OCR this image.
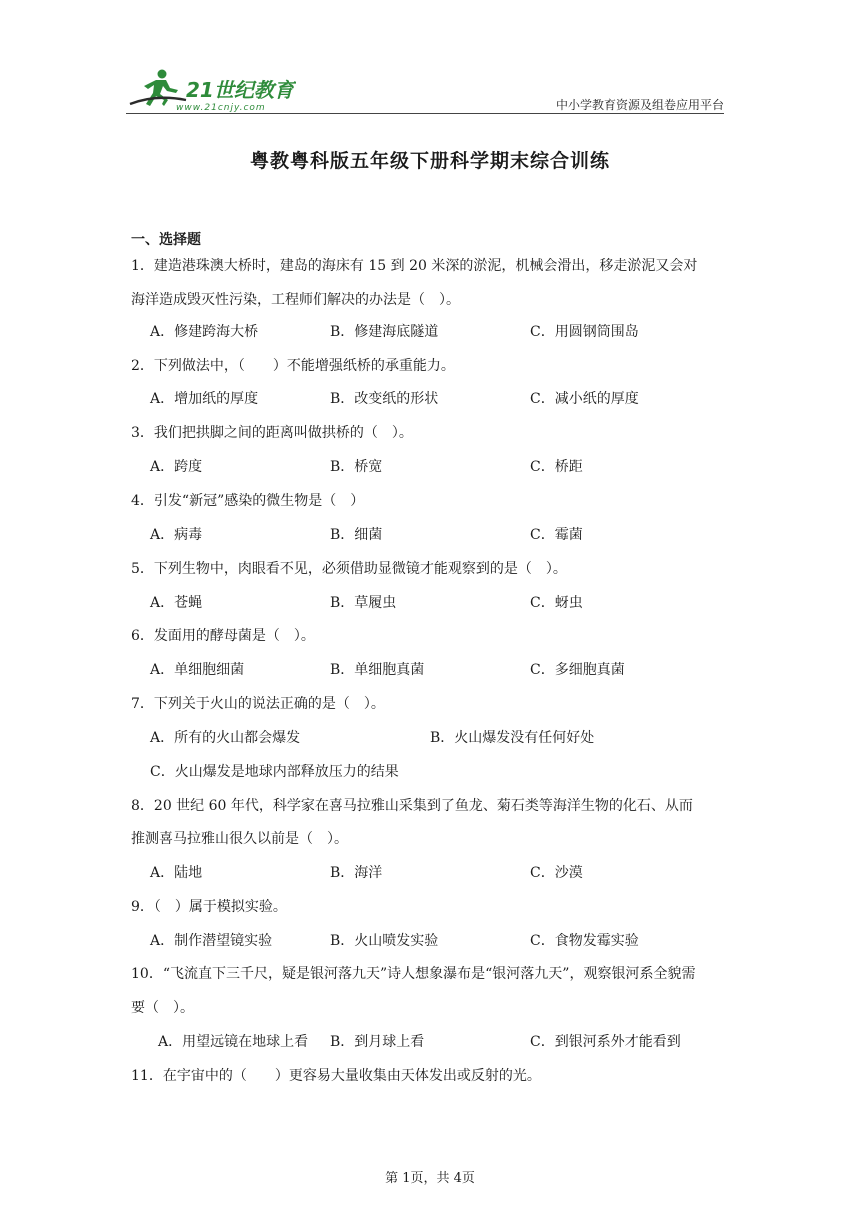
21世纪教育
www.21cnjy.com	中小学教育资源及组卷应用平台
粤教粤科版五年级下册科学期末综合训练
一、选择题
1．建造港珠澳大桥时，建岛的海床有 15 到 20 米深的淤泥，机械会滑出，移走淤泥又会对
海洋造成毁灭性污染，工程师们解决的办法是（　）。
A．修建跨海大桥	B．修建海底隧道	C．用圆钢筒围岛
2．下列做法中，（　　）不能增强纸桥的承重能力。
A．增加纸的厚度	B．改变纸的形状	C．减小纸的厚度
3．我们把拱脚之间的距离叫做拱桥的（　）。
A．跨度	B．桥宽	C．桥距
4．引发“新冠”感染的微生物是（　）
A．病毒	B．细菌	C．霉菌
5．下列生物中，肉眼看不见，必须借助显微镜才能观察到的是（　）。
A．苍蝇	B．草履虫	C．蚜虫
6．发面用的酵母菌是（　）。
A．单细胞细菌	B．单细胞真菌	C．多细胞真菌
7．下列关于火山的说法正确的是（　）。
A．所有的火山都会爆发	B．火山爆发没有任何好处
C．火山爆发是地球内部释放压力的结果
8．20 世纪 60 年代，科学家在喜马拉雅山采集到了鱼龙、菊石类等海洋生物的化石、从而
推测喜马拉雅山很久以前是（　）。
A．陆地	B．海洋	C．沙漠
9．（　）属于模拟实验。
A．制作潜望镜实验	B．火山喷发实验	C．食物发霉实验
10．“飞流直下三千尺，疑是银河落九天”诗人想象瀑布是“银河落九天”，观察银河系全貌需
要（　）。
A．用望远镜在地球上看 B．到月球上看	C．到银河系外才能看到
11．在宇宙中的（　　）更容易大量收集由天体发出或反射的光。
第 1页，共 4页
